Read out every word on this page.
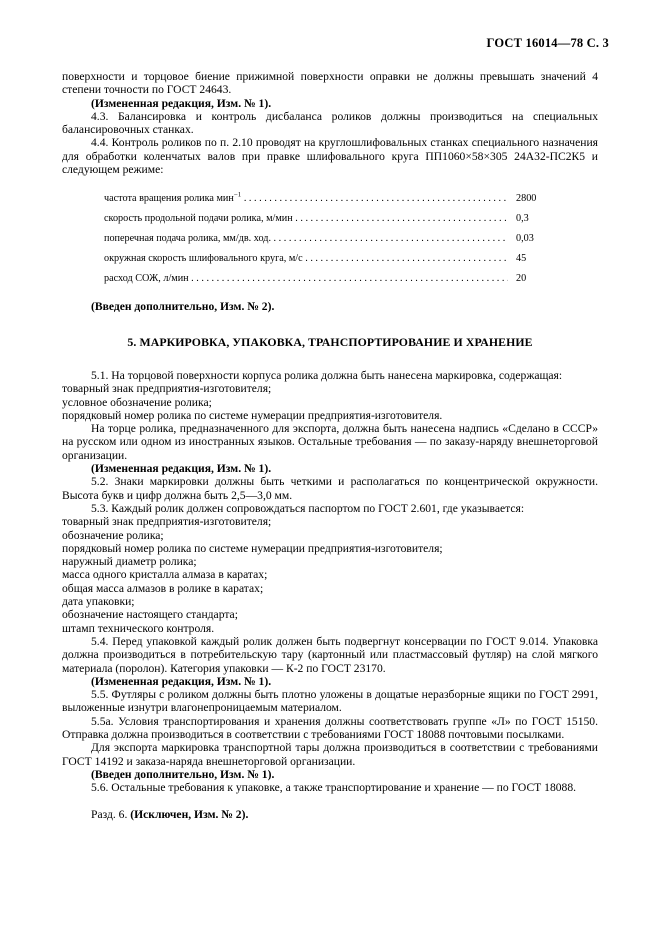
ГОСТ 16014—78 С. 3

поверхности и торцовое биение прижимной поверхности оправки не должны превышать значений 4 степени точности по ГОСТ 24643.

(Измененная редакция, Изм. № 1).

4.3. Балансировка и контроль дисбаланса роликов должны производиться на специальных балансировочных станках.

4.4. Контроль роликов по п. 2.10 проводят на круглошлифовальных станках специального назначения для обработки коленчатых валов при правке шлифовального круга ПП1060×58×305 24А32-ПС2К5 и следующем режиме:

частота вращения ролика мин$^{-1}$ . . .	2800
скорость продольной подачи ролика, м/мин . . .	0,3
поперечная подача ролика, мм/дв. ход. . . .	0,03
окружная скорость шлифовального круга, м/с . . .	45
расход СОЖ, л/мин . . .	20

(Введен дополнительно, Изм. № 2).

5. МАРКИРОВКА, УПАКОВКА, ТРАНСПОРТИРОВАНИЕ И ХРАНЕНИЕ

5.1. На торцовой поверхности корпуса ролика должна быть нанесена маркировка, содержащая:

товарный знак предприятия-изготовителя;

условное обозначение ролика;

порядковый номер ролика по системе нумерации предприятия-изготовителя.

На торце ролика, предназначенного для экспорта, должна быть нанесена надпись «Сделано в СССР» на русском или одном из иностранных языков. Остальные требования — по заказу-наряду внешнеторговой организации.

(Измененная редакция, Изм. № 1).

5.2. Знаки маркировки должны быть четкими и располагаться по концентрической окружности. Высота букв и цифр должна быть 2,5—3,0 мм.

5.3. Каждый ролик должен сопровождаться паспортом по ГОСТ 2.601, где указывается:

товарный знак предприятия-изготовителя;

обозначение ролика;

порядковый номер ролика по системе нумерации предприятия-изготовителя;

наружный диаметр ролика;

масса одного кристалла алмаза в каратах;

общая масса алмазов в ролике в каратах;

дата упаковки;

обозначение настоящего стандарта;

штамп технического контроля.

5.4. Перед упаковкой каждый ролик должен быть подвергнут консервации по ГОСТ 9.014. Упаковка должна производиться в потребительскую тару (картонный или пластмассовый футляр) на слой мягкого материала (поролон). Категория упаковки — К-2 по ГОСТ 23170.

(Измененная редакция, Изм. № 1).

5.5. Футляры с роликом должны быть плотно уложены в дощатые неразборные ящики по ГОСТ 2991, выложенные изнутри влагонепроницаемым материалом.

5.5а. Условия транспортирования и хранения должны соответствовать группе «Л» по ГОСТ 15150. Отправка должна производиться в соответствии с требованиями ГОСТ 18088 почтовыми посылками.

Для экспорта маркировка транспортной тары должна производиться в соответствии с требованиями ГОСТ 14192 и заказа-наряда внешнеторговой организации.

(Введен дополнительно, Изм. № 1).

5.6. Остальные требования к упаковке, а также транспортирование и хранение — по ГОСТ 18088.

Разд. 6. (Исключен, Изм. № 2).
